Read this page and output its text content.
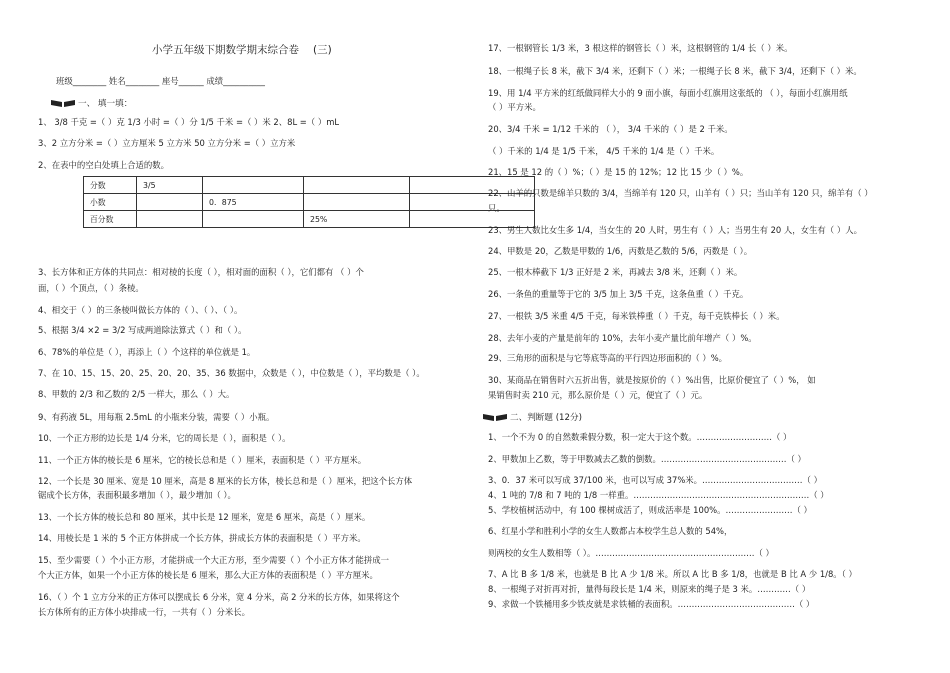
小学五年级下期数学期末综合卷 (三)
班级________ 姓名________ 座号______ 成绩__________
一、 填一填：
1、 3/8 千克 =（ ）克 1/3 小时 =（ ）分 1/5 千米 =（ ）米 2、8L =（ ）mL
3、2 立方分米 =（ ）立方厘米 5 立方米 50 立方分米 =（ ）立方米
2、在表中的空白处填上合适的数。
分数	3/5			
小数		0．875		
百分数			25%	
3、长方体和正方体的共同点：相对棱的长度（ ），相对面的面积（ ），它们都有 （ ）个
面，（ ）个顶点，（ ）条棱。
4、相交于（ ）的三条棱叫做长方体的（ ）、（ ）、（ ）。
5、根据 3/4 ×2 = 3/2 写成两道除法算式（ ）和（ ）。
6、78%的单位是（ ），再添上（ ）个这样的单位就是 1。
7、在 10、15、15、20、25、20、20、35、36 数据中，众数是（ ），中位数是（ ），平均数是（ ）。
8、甲数的 2/3 和乙数的 2/5 一样大，那么（ ）大。
9、有药液 5L，用每瓶 2.5mL 的小瓶来分装，需要（ ）小瓶。
10、一个正方形的边长是 1/4 分米，它的周长是（ ），面积是（ ）。
11、一个正方体的棱长是 6 厘米，它的棱长总和是（ ）厘米，表面积是（ ）平方厘米。
12、一个长是 30 厘米、宽是 10 厘米，高是 8 厘米的长方体，棱长总和是（ ）厘米，把这个长方体
锯成个长方体，表面积最多增加（ ），最少增加（ ）。
13、一个长方体的棱长总和 80 厘米，其中长是 12 厘米，宽是 6 厘米，高是（ ）厘米。
14、用棱长是 1 米的 5 个正方体拼成一个长方体，拼成长方体的表面积是（ ）平方米。
15、至少需要（ ）个小正方形，才能拼成一个大正方形，至少需要（ ）个小正方体才能拼成一
个大正方体，如果一个小正方体的棱长是 6 厘米，那么大正方体的表面积是（ ）平方厘米。
16、（ ）个 1 立方分米的正方体可以摆成长 6 分米，宽 4 分米，高 2 分米的长方体，如果将这个
长方体所有的正方体小块排成一行，一共有（ ）分米长。
17、一根钢管长 1/3 米，3 根这样的钢管长（ ）米，这根钢管的 1/4 长（ ）米。
18、一根绳子长 8 米，截下 3/4 米，还剩下（ ）米；一根绳子长 8 米，截下 3/4，还剩下（ ）米。
19、用 1/4 平方米的红纸做同样大小的 9 面小旗，每面小红旗用这张纸的 （ ），每面小红旗用纸
（ ）平方米。
20、3/4 千米 = 1/12 千米的 （ ）， 3/4 千米的（ ）是 2 千米。
（ ）千米的 1/4 是 1/5 千米， 4/5 千米的 1/4 是（ ）千米。
21、15 是 12 的（ ）%；（ ）是 15 的 12%；12 比 15 少（ ）%。
22、山羊的只数是绵羊只数的 3/4，当绵羊有 120 只，山羊有（ ）只；当山羊有 120 只，绵羊有（ ）
只。
23、男生人数比女生多 1/4，当女生的 20 人时，男生有（ ）人；当男生有 20 人，女生有（ ）人。
24、甲数是 20，乙数是甲数的 1/6，丙数是乙数的 5/6，丙数是（ ）。
25、一根木棒截下 1/3 正好是 2 米，再减去 3/8 米，还剩（ ）米。
26、一条鱼的重量等于它的 3/5 加上 3/5 千克，这条鱼重（ ）千克。
27、一根铁 3/5 米重 4/5 千克，每米铁棒重（ ）千克，每千克铁棒长（ ）米。
28、去年小麦的产量是前年的 10%，去年小麦产量比前年增产（ ）%。
29、三角形的面积是与它等底等高的平行四边形面积的（ ）%。
30、某商品在销售时六五折出售，就是按原价的（ ）%出售，比原价便宜了（ ）%， 如
果销售时卖 210 元，那么原价是（ ）元，便宜了（ ）元。
二、判断题 (12分)
1、一个不为 0 的自然数乘假分数，积一定大于这个数。………………………（ ）
2、甲数加上乙数，等于甲数减去乙数的倒数。………………………………………（ ）
3、0．37 米可以写成 37/100 米，也可以写成 37%米。………………………………（ ）
4、1 吨的 7/8 和 7 吨的 1/8 一样重。………………………………………………………（ ）
5、学校植树活动中，有 100 棵树成活了，则成活率是 100%。……………………（ ）
6、红星小学和胜利小学的女生人数都占本校学生总人数的 54%，
则两校的女生人数相等（ ）。…………………………………………………（ ）
7、A 比 B 多 1/8 米，也就是 B 比 A 少 1/8 米。所以 A 比 B 多 1/8，也就是 B 比 A 少 1/8。（ ）
8、一根绳子对折再对折，量得每段长是 1/4 米，则原来的绳子是 3 米。…………（ ）
9、求做一个铁桶用多少铁皮就是求铁桶的表面积。……………………………………（ ）
